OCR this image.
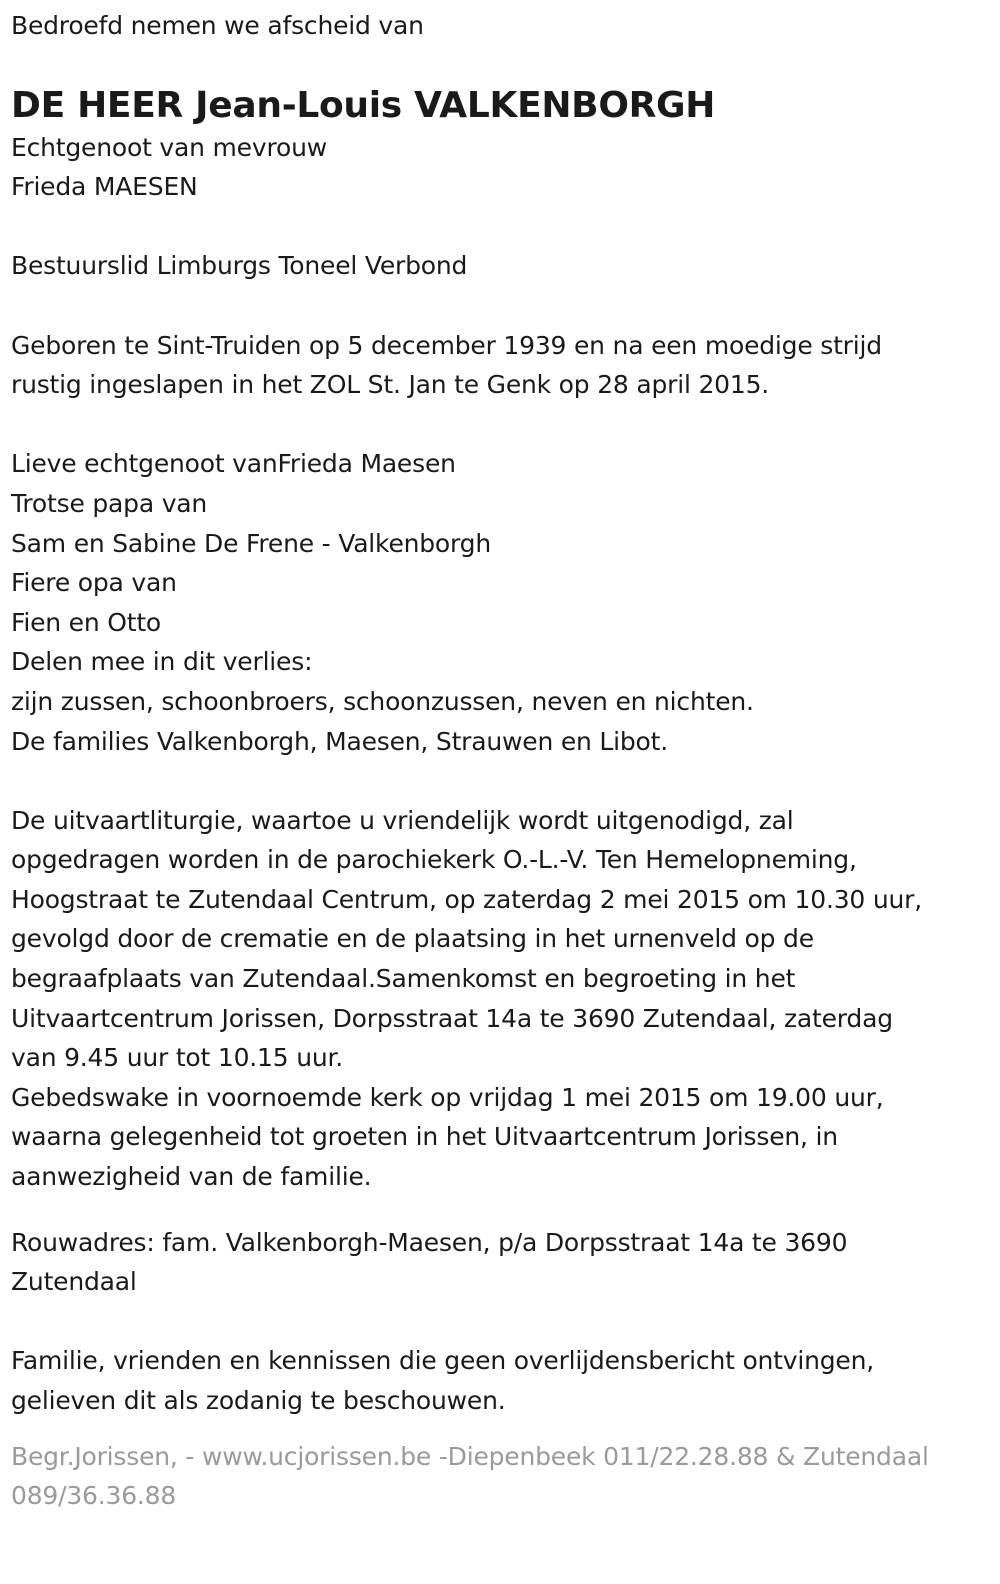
Bedroefd nemen we afscheid van
DE HEER Jean-Louis VALKENBORGH
Echtgenoot van mevrouw
Frieda MAESEN
Bestuurslid Limburgs Toneel Verbond
Geboren te Sint-Truiden op 5 december 1939 en na een moedige strijd
rustig ingeslapen in het ZOL St. Jan te Genk op 28 april 2015.
Lieve echtgenoot vanFrieda Maesen
Trotse papa van
Sam en Sabine De Frene - Valkenborgh
Fiere opa van
Fien en Otto
Delen mee in dit verlies:
zijn zussen, schoonbroers, schoonzussen, neven en nichten.
De families Valkenborgh, Maesen, Strauwen en Libot.
De uitvaartliturgie, waartoe u vriendelijk wordt uitgenodigd, zal
opgedragen worden in de parochiekerk O.-L.-V. Ten Hemelopneming,
Hoogstraat te Zutendaal Centrum, op zaterdag 2 mei 2015 om 10.30 uur,
gevolgd door de crematie en de plaatsing in het urnenveld op de
begraafplaats van Zutendaal.Samenkomst en begroeting in het
Uitvaartcentrum Jorissen, Dorpsstraat 14a te 3690 Zutendaal, zaterdag
van 9.45 uur tot 10.15 uur.
Gebedswake in voornoemde kerk op vrijdag 1 mei 2015 om 19.00 uur,
waarna gelegenheid tot groeten in het Uitvaartcentrum Jorissen, in
aanwezigheid van de familie.
Rouwadres: fam. Valkenborgh-Maesen, p/a Dorpsstraat 14a te 3690
Zutendaal
Familie, vrienden en kennissen die geen overlijdensbericht ontvingen,
gelieven dit als zodanig te beschouwen.
Begr.Jorissen, - www.ucjorissen.be -Diepenbeek 011/22.28.88 & Zutendaal
089/36.36.88
